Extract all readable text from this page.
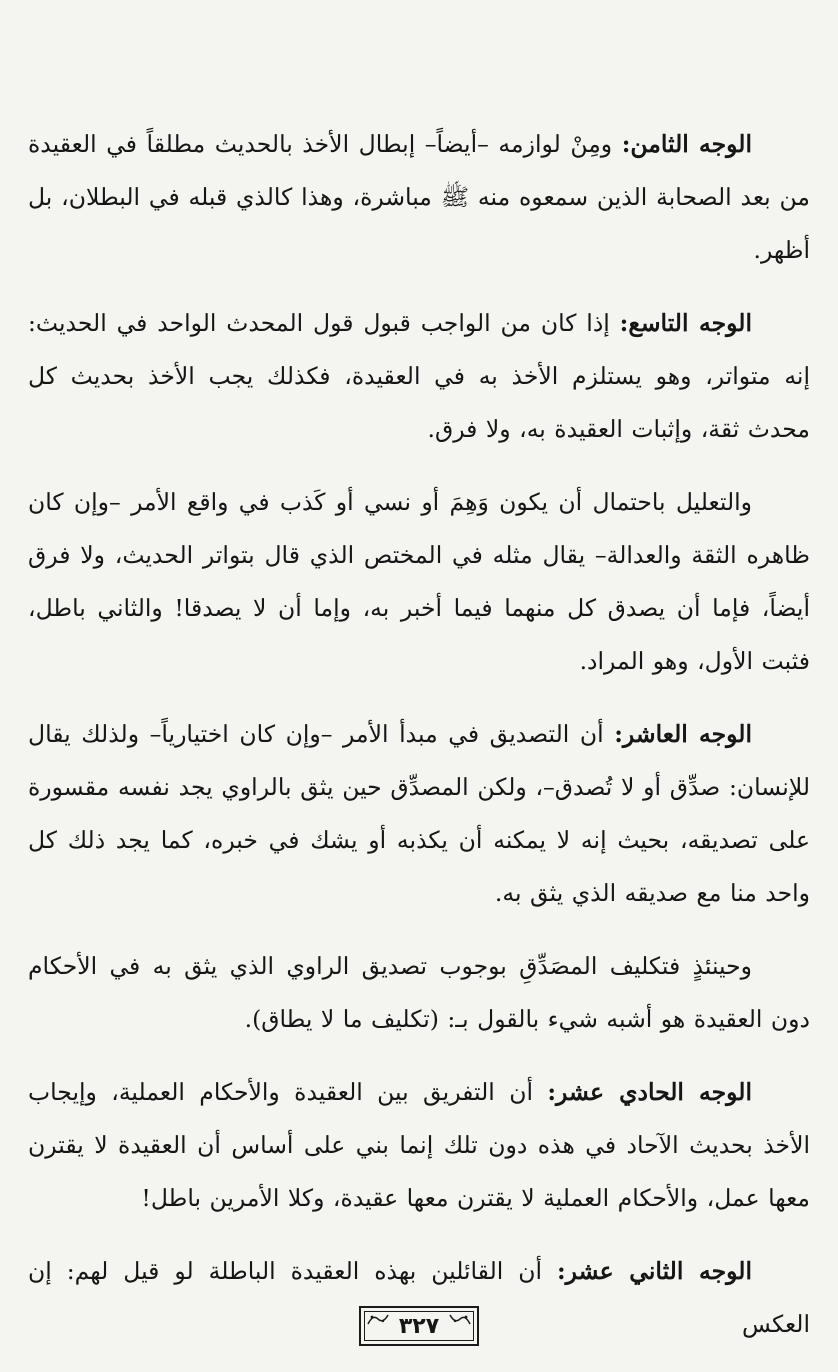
الوجه الثامن: ومِنْ لوازمه –أيضاً– إبطال الأخذ بالحديث مطلقاً في العقيدة من بعد الصحابة الذين سمعوه منه ﷺ مباشرة، وهذا كالذي قبله في البطلان، بل أظهر.

الوجه التاسع: إذا كان من الواجب قبول قول المحدث الواحد في الحديث: إنه متواتر، وهو يستلزم الأخذ به في العقيدة، فكذلك يجب الأخذ بحديث كل محدث ثقة، وإثبات العقيدة به، ولا فرق.

والتعليل باحتمال أن يكون وَهِمَ أو نسي أو كَذب في واقع الأمر –وإن كان ظاهره الثقة والعدالة– يقال مثله في المختص الذي قال بتواتر الحديث، ولا فرق أيضاً، فإما أن يصدق كل منهما فيما أخبر به، وإما أن لا يصدقا! والثاني باطل، فثبت الأول، وهو المراد.

الوجه العاشر: أن التصديق في مبدأ الأمر –وإن كان اختيارياً– ولذلك يقال للإنسان: صدِّق أو لا تُصدق–، ولكن المصدِّق حين يثق بالراوي يجد نفسه مقسورة على تصديقه، بحيث إنه لا يمكنه أن يكذبه أو يشك في خبره، كما يجد ذلك كل واحد منا مع صديقه الذي يثق به.

وحينئذٍ فتكليف المصَدِّقِ بوجوب تصديق الراوي الذي يثق به في الأحكام دون العقيدة هو أشبه شيء بالقول بـ: (تكليف ما لا يطاق).

الوجه الحادي عشر: أن التفريق بين العقيدة والأحكام العملية، وإيجاب الأخذ بحديث الآحاد في هذه دون تلك إنما بني على أساس أن العقيدة لا يقترن معها عمل، والأحكام العملية لا يقترن معها عقيدة، وكلا الأمرين باطل!

الوجه الثاني عشر: أن القائلين بهذه العقيدة الباطلة لو قيل لهم: إن العكس

٣٢٧
